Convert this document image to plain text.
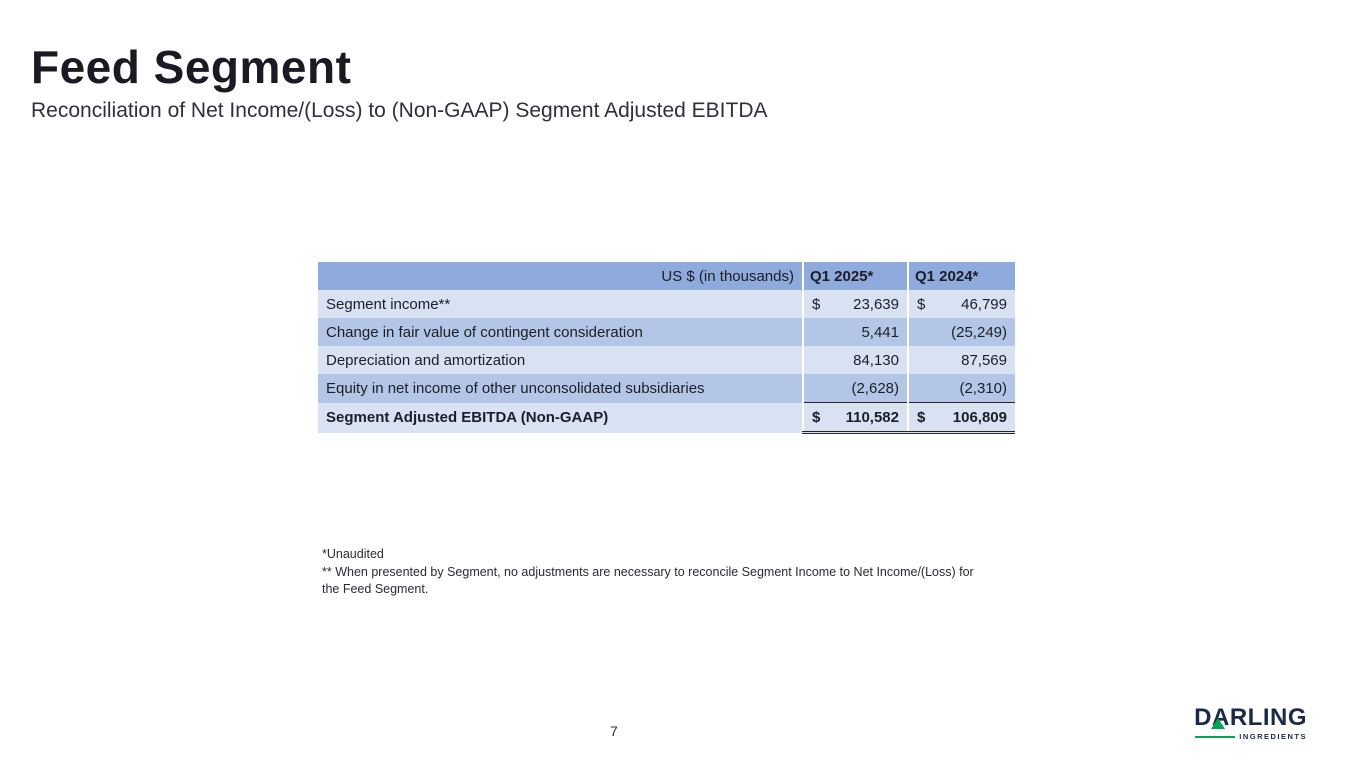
Feed Segment
Reconciliation of Net Income/(Loss) to (Non-GAAP) Segment Adjusted EBITDA
US $ (in thousands)	Q1 2025*	Q1 2024*
Segment income**	$ 23,639	$ 46,799

Change in fair value of contingent consideration	5,441	(25,249)

Depreciation and amortization	84,130	87,569

Equity in net income of other unconsolidated subsidiaries	(2,628)	(2,310)

Segment Adjusted EBITDA (Non-GAAP)	$ 110,582	$ 106,809
*Unaudited
** When presented by Segment, no adjustments are necessary to reconcile Segment Income to Net Income/(Loss) for the Feed Segment.
7	DARLING
INGREDIENTS
